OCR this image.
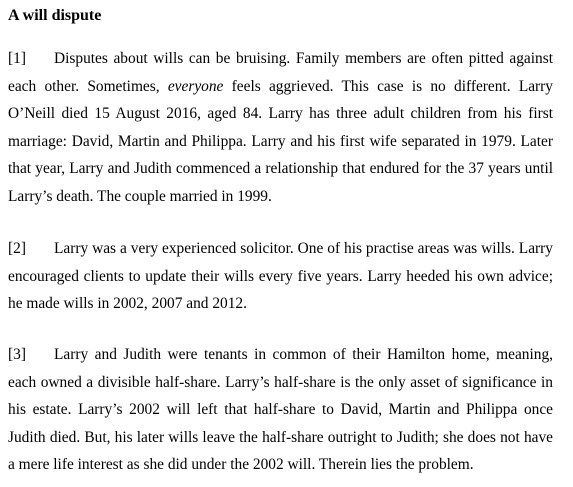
A will dispute

[1] Disputes about wills can be bruising. Family members are often pitted against each other. Sometimes, everyone feels aggrieved. This case is no different. Larry O’Neill died 15 August 2016, aged 84. Larry has three adult children from his first marriage: David, Martin and Philippa. Larry and his first wife separated in 1979. Later that year, Larry and Judith commenced a relationship that endured for the 37 years until Larry’s death. The couple married in 1999.

[2] Larry was a very experienced solicitor. One of his practise areas was wills. Larry encouraged clients to update their wills every five years. Larry heeded his own advice; he made wills in 2002, 2007 and 2012.

[3] Larry and Judith were tenants in common of their Hamilton home, meaning, each owned a divisible half-share. Larry’s half-share is the only asset of significance in his estate. Larry’s 2002 will left that half-share to David, Martin and Philippa once Judith died. But, his later wills leave the half-share outright to Judith; she does not have a mere life interest as she did under the 2002 will. Therein lies the problem.
